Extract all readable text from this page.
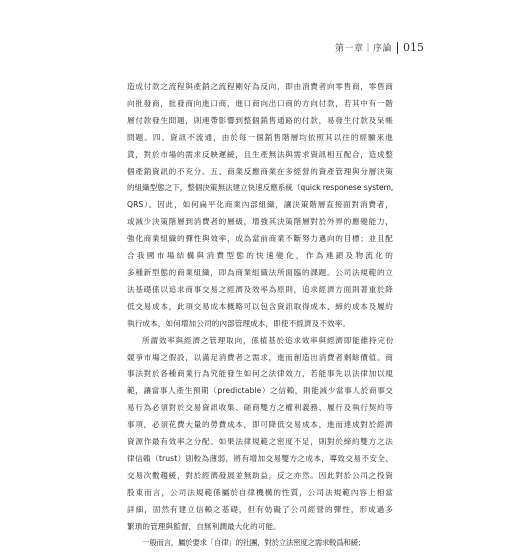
第一章｜序論 015

造成付款之流程與產銷之流程剛好為反向，即由消費者向零售商，零售商
向批發商，批發商向進口商，進口商向出口商的方向付款，若其中有一階
層付款發生問題，則連帶影響到整個銷售通路的付款，易發生付款及呆帳
問題。四、資訊不流通，由於每一個銷售階層均依照其以往的經驗來進
貨，對於市場的需求反映遲緩，且生產無法與需求資訊相互配合，造成整
個產銷資訊的不充分。五、商業反應商業在多經營的資產管理與分層決策
的組織型態之下，整個決策無法建立快速反應系統（quick responese system,
QRS）。因此，如何扁平化商業內部組織，讓決策階層直接面對消費者，
或減少決策階層到消費者的層級，增強其決策階層對於外界的應變能力，
強化商業組織的彈性與效率，成為當前商業不斷努力邁向的目標；並且配
合我國市場結構與消費型態的快速變化，作為連鎖及物流化的
多種新型態的商業組織，即為商業組織法所面臨的課題。公司法規範的立
法基礎係以追求商事交易之經濟及效率為原則，追求經濟方面則著重於降
低交易成本，此項交易成本概略可以包含資訊取得成本、締約成本及履約
執行成本，如何增加公司的內部管理成本，即使不經濟及不效率。

所謂效率與經濟之管理取向，係植基於追求效率與經濟即能維持完份
競爭市場之假設，以滿足消費者之需求，進而創造出消費者剩餘價值。商
事法對於各種商業行為究能發生如何之法律效力，若能事先以法律加以規
範，讓當事人產生預期（predictable）之信賴，則能減少當事人於商事交
易行為必須對於交易資訊收集、磋商雙方之權利義務、履行及執行契約等
事項，必須花費大量的勞費成本，即可降低交易成本，進而達成對於經濟
資源作最有效率之分配。如果法律規範之密度不足，則對於締約雙方之法
律信賴（trust）則較為薄弱，將有增加交易雙方之成本，導致交易不安全、
交易次數趨緩，對於經濟發展並無助益，反之亦然。因此對於公司之投資
股東而言，公司法規範係屬於自律機構的性質，公司法規範內容上相當
詳細，固然有建立信賴之基礎，但有妨礙了公司經營的彈性，形成過多
繁瑣的管理與監督，自無利潤最大化的可能。

一般而言，屬於要求「自律」的社團，對於立法密度之需求較爲和緩；
